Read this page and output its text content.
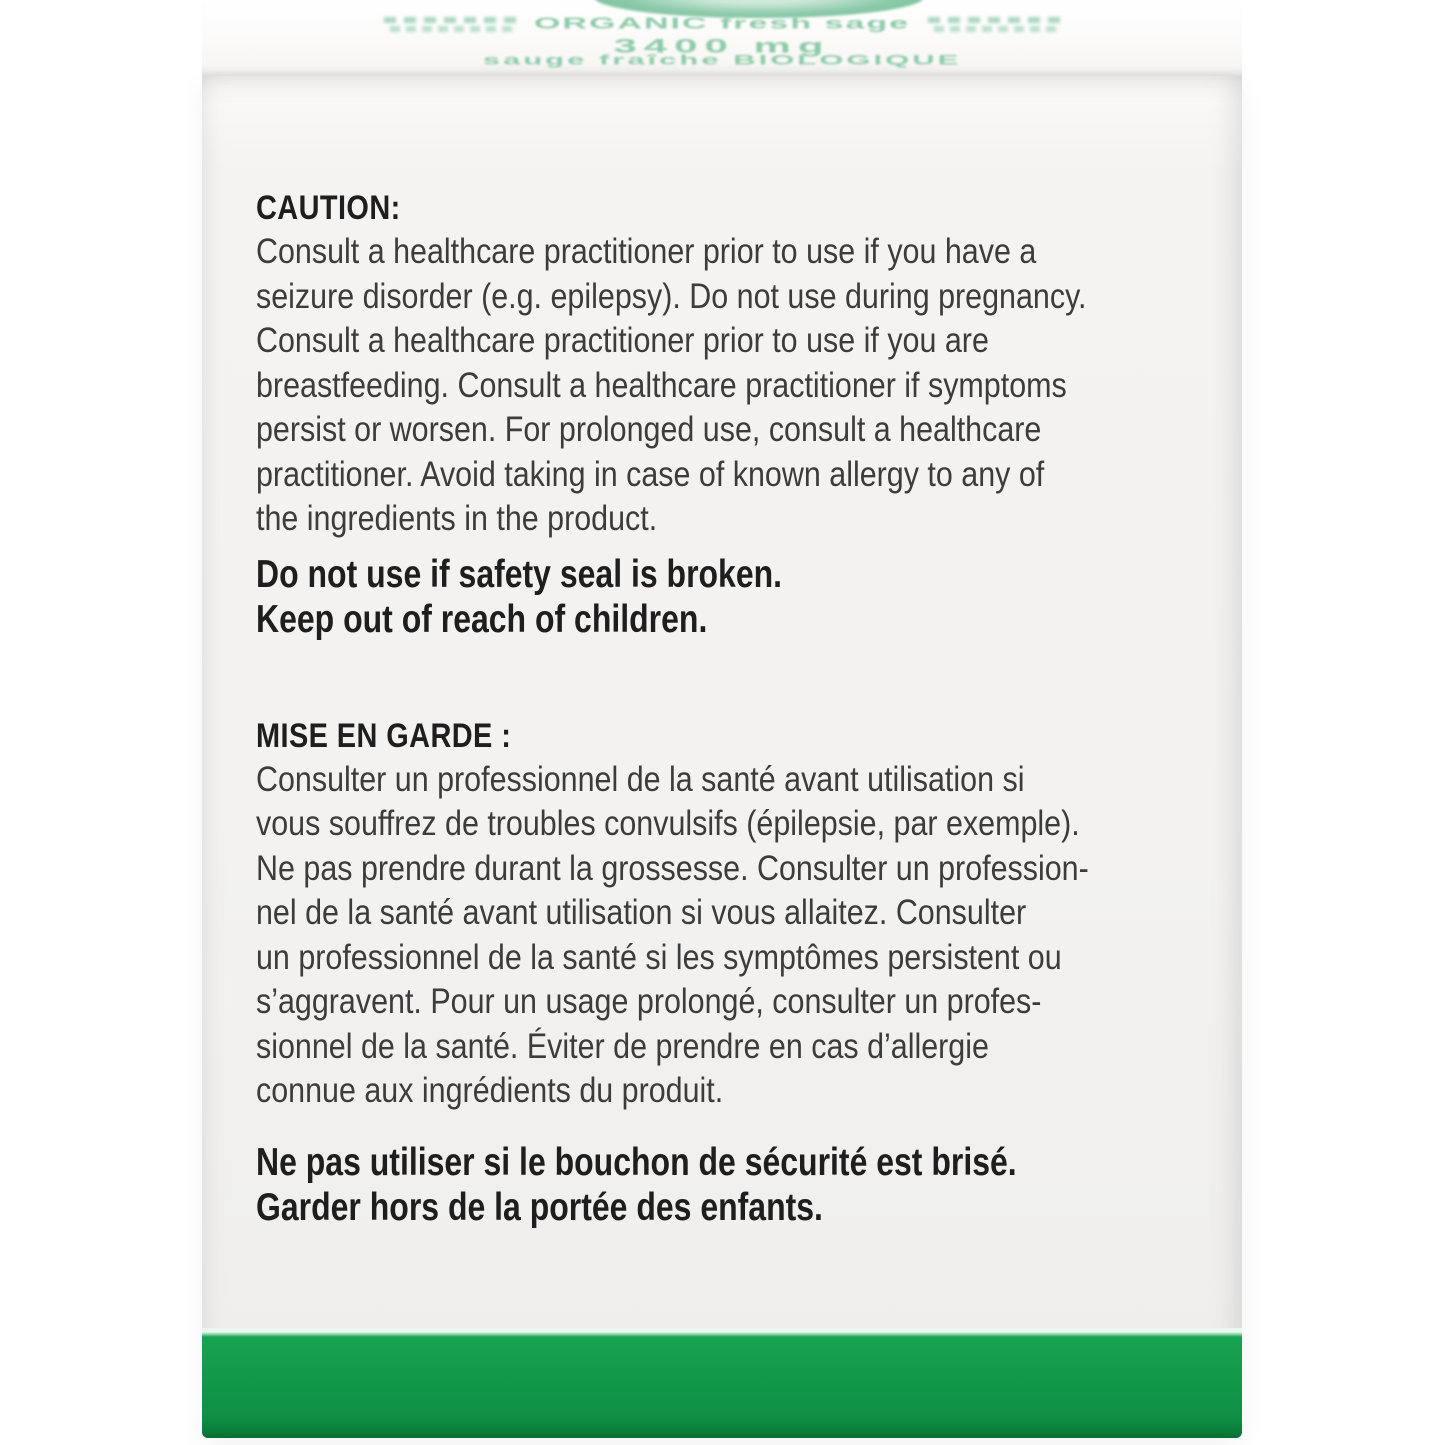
ORGANIC fresh sage
3400 mg
sauge fraîche BIOLOGIQUE
CAUTION:
Consult a healthcare practitioner prior to use if you have a
seizure disorder (e.g. epilepsy). Do not use during pregnancy.
Consult a healthcare practitioner prior to use if you are
breastfeeding. Consult a healthcare practitioner if symptoms
persist or worsen. For prolonged use, consult a healthcare
practitioner. Avoid taking in case of known allergy to any of
the ingredients in the product.
Do not use if safety seal is broken.
Keep out of reach of children.
MISE EN GARDE :
Consulter un professionnel de la santé avant utilisation si
vous souffrez de troubles convulsifs (épilepsie, par exemple).
Ne pas prendre durant la grossesse. Consulter un profession-
nel de la santé avant utilisation si vous allaitez. Consulter
un professionnel de la santé si les symptômes persistent ou
s’aggravent. Pour un usage prolongé, consulter un profes-
sionnel de la santé. Éviter de prendre en cas d’allergie
connue aux ingrédients du produit.
Ne pas utiliser si le bouchon de sécurité est brisé.
Garder hors de la portée des enfants.
